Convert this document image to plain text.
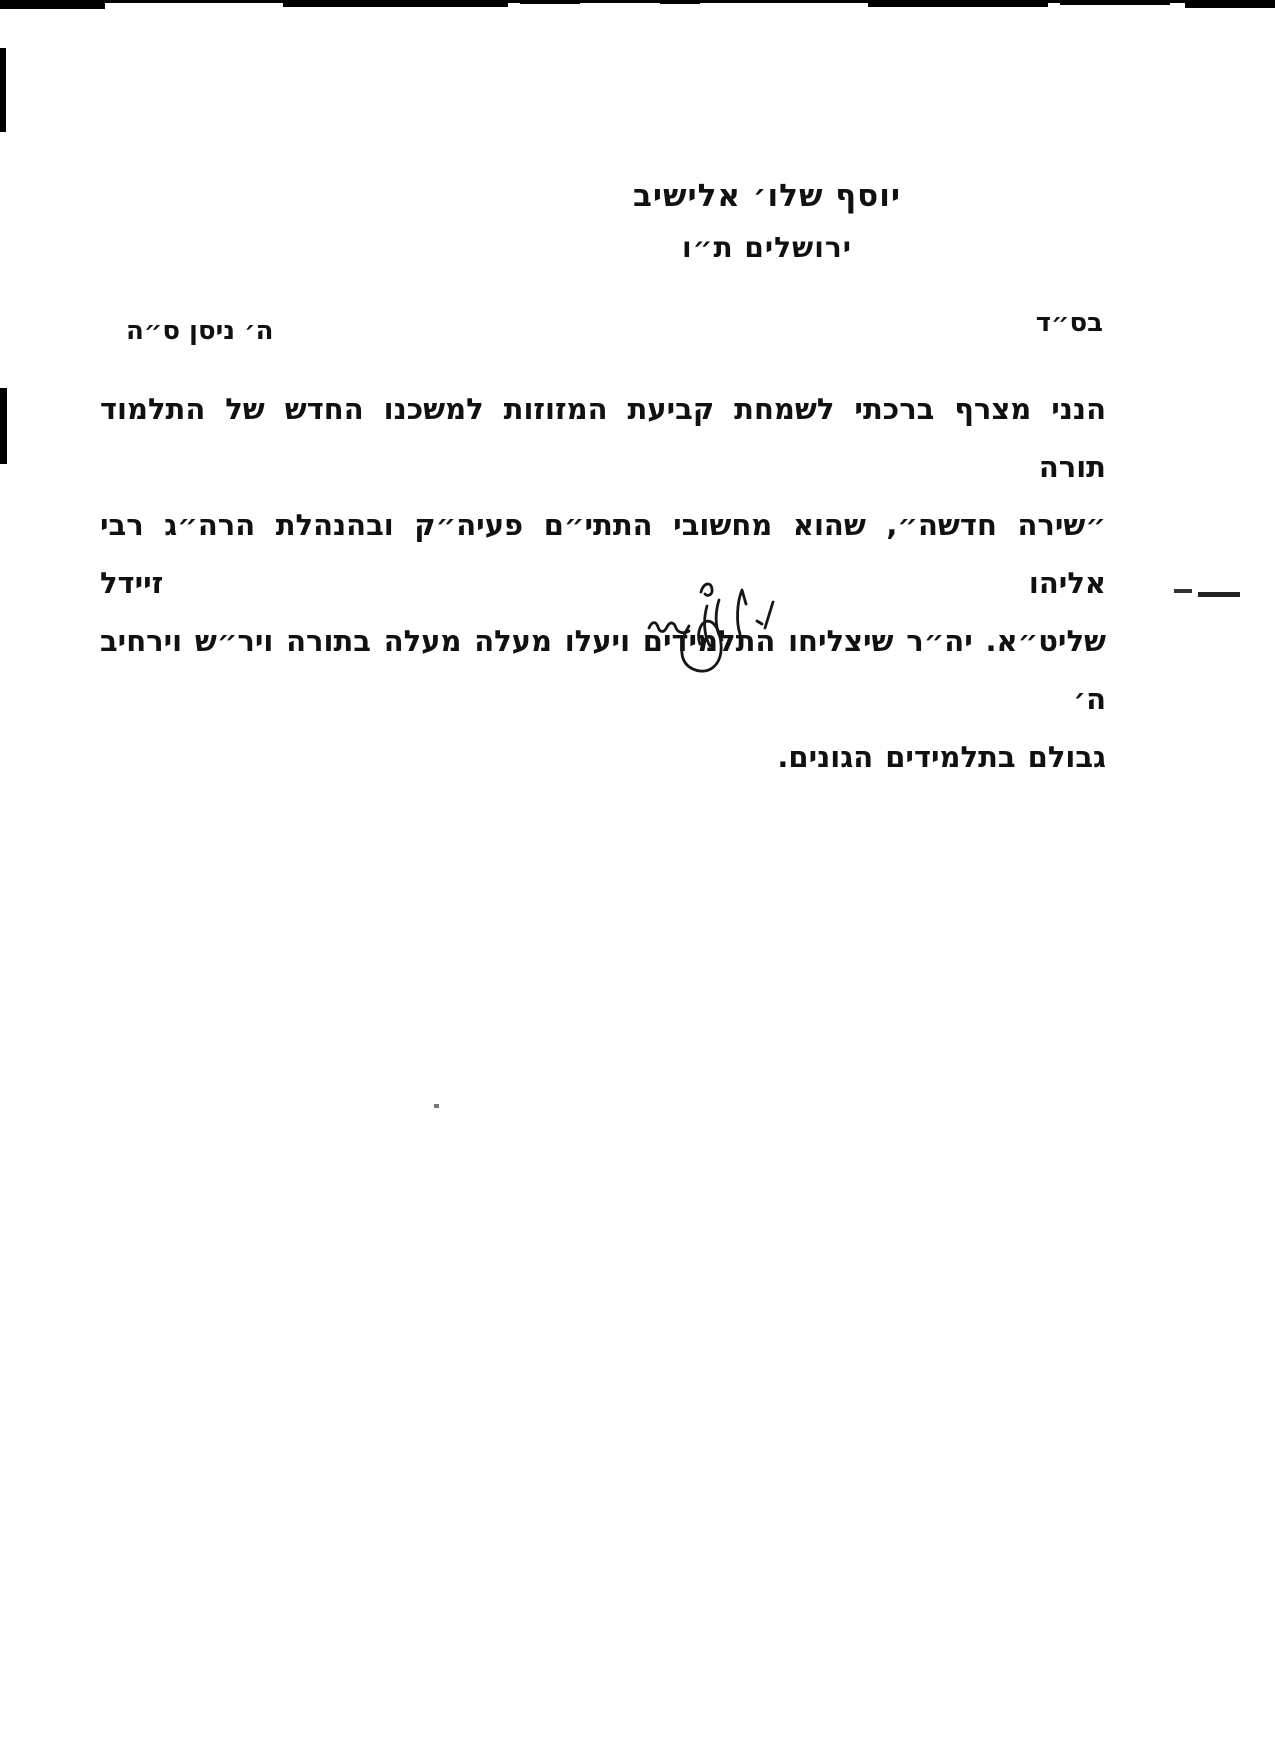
יוסף שלו׳ אלישיב
ירושלים ת״ו
בס״ד
ה׳ ניסן ס״ה
הנני מצרף ברכתי לשמחת קביעת המזוזות למשכנו החדש של התלמוד תורה
״שירה חדשה״, שהוא מחשובי התתי״ם פעיה״ק ובהנהלת הרה״ג רבי אליהו זיידל
שליט״א. יה״ר שיצליחו התלמידים ויעלו מעלה מעלה בתורה ויר״ש וירחיב ה׳
גבולם בתלמידים הגונים.
